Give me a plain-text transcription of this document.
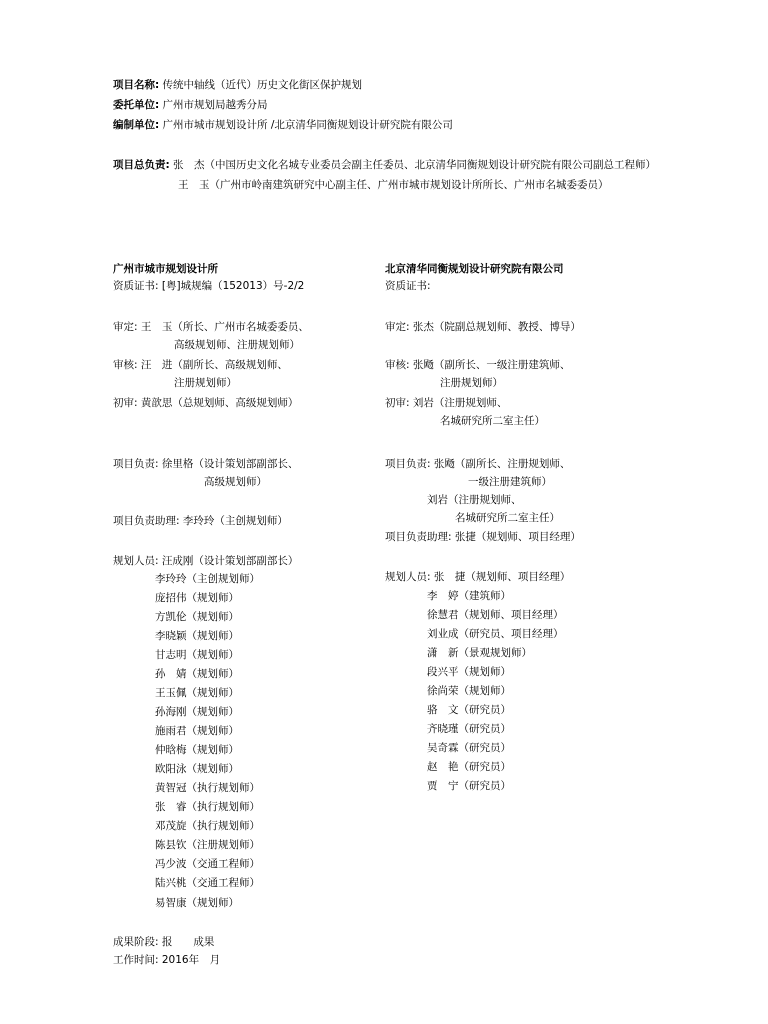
项目名称: 传统中轴线（近代）历史文化街区保护规划
委托单位: 广州市规划局越秀分局
编制单位: 广州市城市规划设计所 /北京清华同衡规划设计研究院有限公司
项目总负责: 张　杰（中国历史文化名城专业委员会副主任委员、北京清华同衡规划设计研究院有限公司副总工程师）
王　玉（广州市岭南建筑研究中心副主任、广州市城市规划设计所所长、广州市名城委委员）
广州市城市规划设计所
资质证书: [粤]城规编（152013）号-2/2
审定: 王　玉（所长、广州市名城委委员、
高级规划师、注册规划师）
审核: 汪　进（副所长、高级规划师、
注册规划师）
初审: 黄歆思（总规划师、高级规划师）
项目负责: 徐里格（设计策划部副部长、
高级规划师）
项目负责助理: 李玲玲（主创规划师）
规划人员: 汪成刚（设计策划部副部长）
李玲玲（主创规划师）
庞招伟（规划师）
方凯伦（规划师）
李晓颖（规划师）
甘志明（规划师）
孙　婧（规划师）
王玉佩（规划师）
孙海刚（规划师）
施雨君（规划师）
仲晗梅（规划师）
欧阳泳（规划师）
黄智冠（执行规划师）
张　睿（执行规划师）
邓茂旋（执行规划师）
陈县钦（注册规划师）
冯少波（交通工程师）
陆兴桃（交通工程师）
易智康（规划师）
北京清华同衡规划设计研究院有限公司
资质证书:
审定: 张杰（院副总规划师、教授、博导）
审核: 张飏（副所长、一级注册建筑师、
注册规划师）
初审: 刘岩（注册规划师、
名城研究所二室主任）
项目负责: 张飏（副所长、注册规划师、
一级注册建筑师）
刘岩（注册规划师、
名城研究所二室主任）
项目负责助理: 张捷（规划师、项目经理）
规划人员: 张　捷（规划师、项目经理）
李　婷（建筑师）
徐慧君（规划师、项目经理）
刘业成（研究员、项目经理）
潇　新（景观规划师）
段兴平（规划师）
徐尚荣（规划师）
骆　文（研究员）
齐晓瑾（研究员）
吴奇霖（研究员）
赵　艳（研究员）
贾　宁（研究员）
成果阶段: 报　　成果
工作时间: 2016年　月
